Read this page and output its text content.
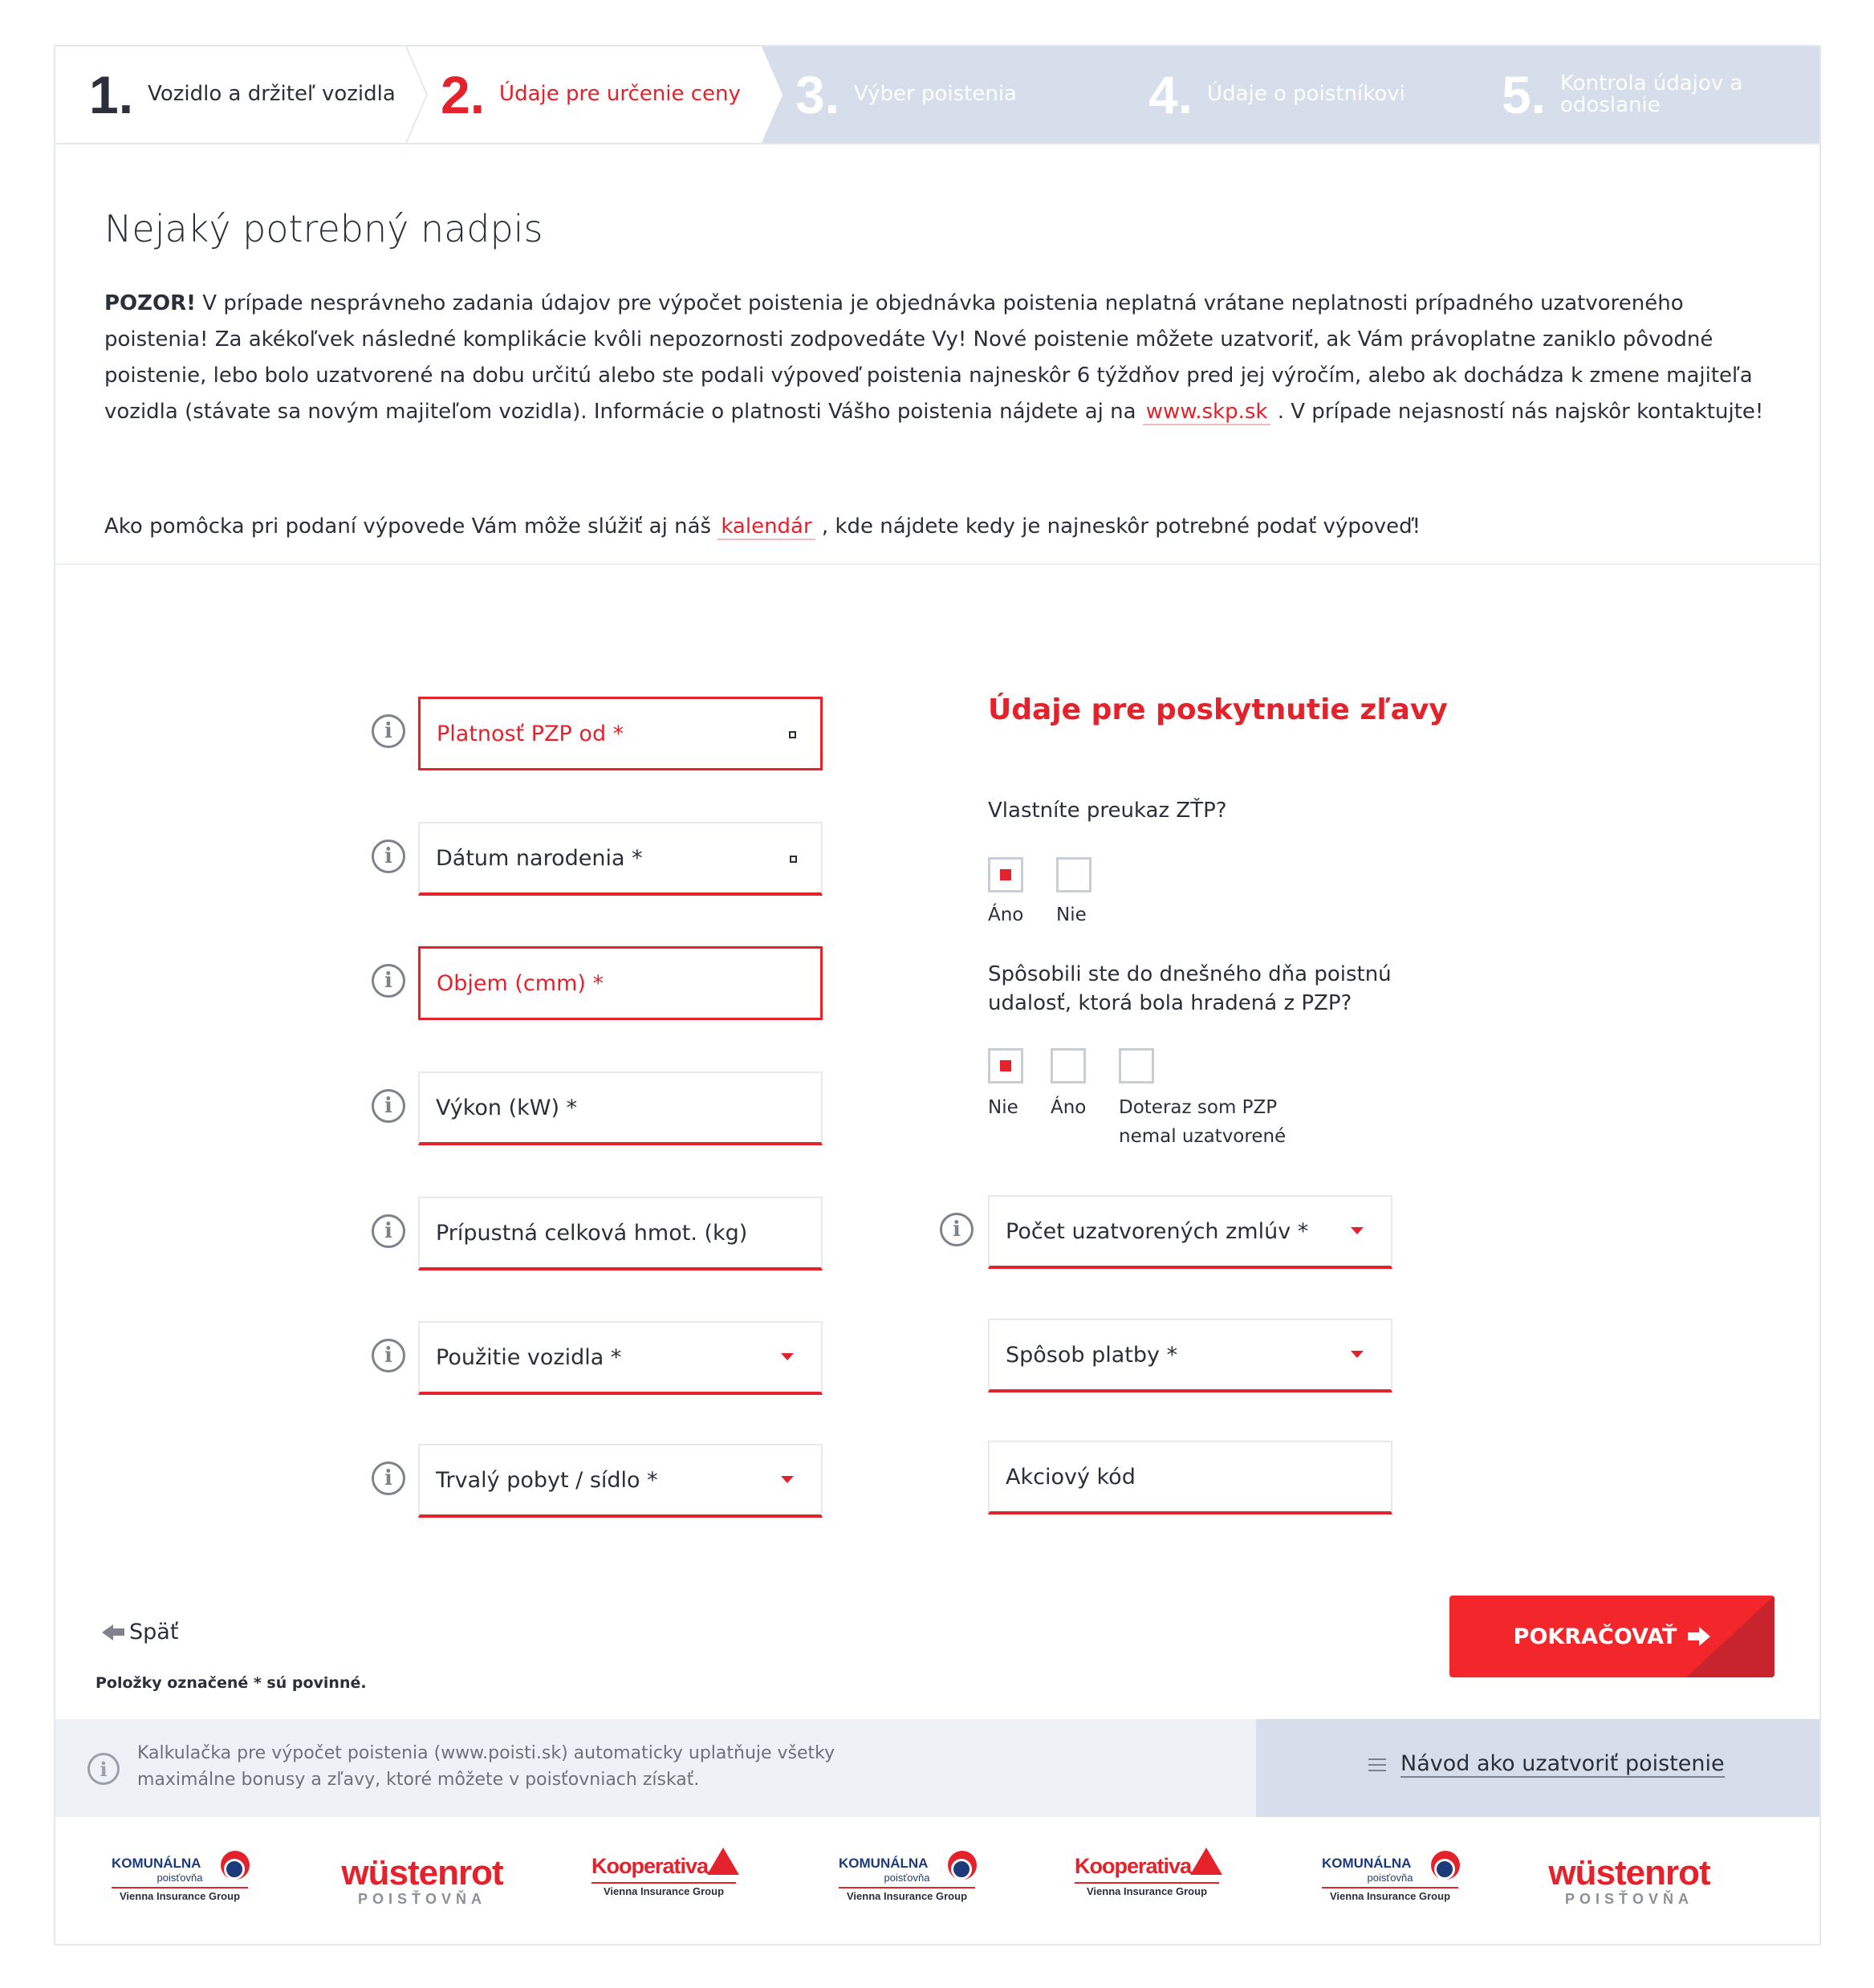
1. Vozidlo a držiteľ vozidla 2. Údaje pre určenie ceny 3. Výber poistenia 4. Údaje o poistníkovi 5. Kontrola údajov a
odoslanie
Nejaký potrebný nadpis
POZOR! V prípade nesprávneho zadania údajov pre výpočet poistenia je objednávka poistenia neplatná vrátane neplatnosti prípadného uzatvoreného poistenia! Za akékoľvek následné komplikácie kvôli nepozornosti zodpovedáte Vy! Nové poistenie môžete uzatvoriť, ak Vám právoplatne zaniklo pôvodné poistenie, lebo bolo uzatvorené na dobu určitú alebo ste podali výpoveď poistenia najneskôr 6 týždňov pred jej výročím, alebo ak dochádza k zmene majiteľa vozidla (stávate sa novým majiteľom vozidla). Informácie o platnosti Vášho poistenia nájdete aj na www.skp.sk . V prípade nejasností nás najskôr kontaktujte!
Ako pomôcka pri podaní výpovede Vám môže slúžiť aj náš kalendár , kde nájdete kedy je najneskôr potrebné podať výpoveď!
i	Platnosť PZP od *
i	Dátum narodenia *
i	Objem (cmm) *
i	Výkon (kW) *
i	Prípustná celková hmot. (kg)
i	Použitie vozidla *
i	Trvalý pobyt / sídlo *
Údaje pre poskytnutie zľavy
Vlastníte preukaz ZŤP?
Áno Nie
Spôsobili ste do dnešného dňa poistnú
udalosť, ktorá bola hradená z PZP?
Nie Áno Doteraz som PZP
nemal uzatvorené
i	Počet uzatvorených zmlúv *
Spôsob platby *
Akciový kód
Späť
Položky označené * sú povinné.
POKRAČOVAŤ
i
Kalkulačka pre výpočet poistenia (www.poisti.sk) automaticky uplatňuje všetky
maximálne bonusy a zľavy, ktoré môžete v poisťovniach získať.
Návod ako uzatvoriť poistenie
KOMUNÁLNA
poisťovňa
Vienna Insurance Group
wüstenrot
POISŤOVŇA
Kooperativa
Vienna Insurance Group
KOMUNÁLNA
poisťovňa
Vienna Insurance Group
Kooperativa
Vienna Insurance Group
KOMUNÁLNA
poisťovňa
Vienna Insurance Group
wüstenrot
POISŤOVŇA
